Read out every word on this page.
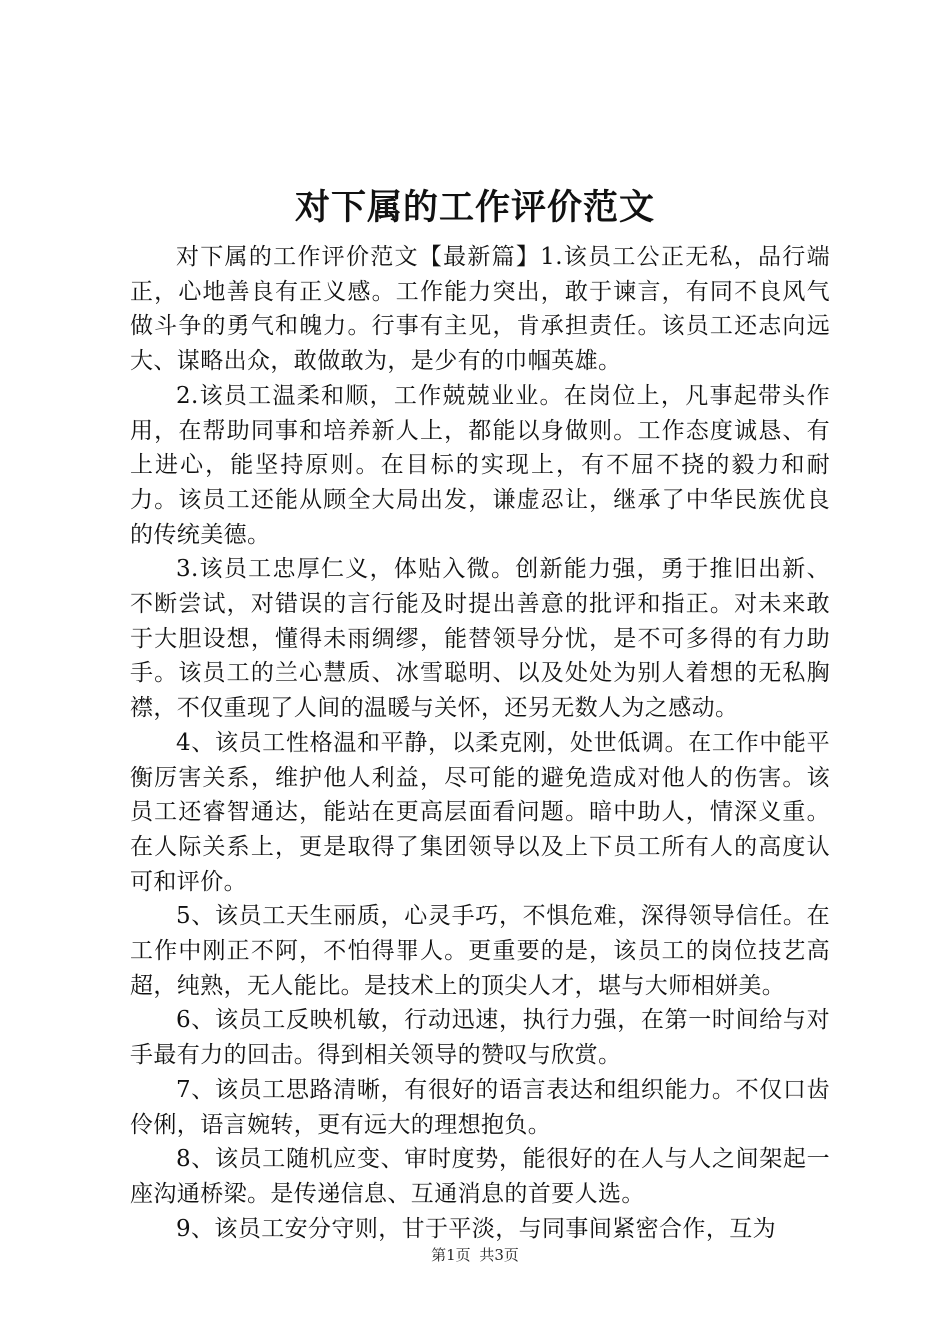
对下属的工作评价范文

对下属的工作评价范文【最新篇】1.该员工公正无私，品行端正，心地善良有正义感。工作能力突出，敢于谏言，有同不良风气做斗争的勇气和魄力。行事有主见，肯承担责任。该员工还志向远大、谋略出众，敢做敢为，是少有的巾帼英雄。

2.该员工温柔和顺，工作兢兢业业。在岗位上，凡事起带头作用，在帮助同事和培养新人上，都能以身做则。工作态度诚恳、有上进心，能坚持原则。在目标的实现上，有不屈不挠的毅力和耐力。该员工还能从顾全大局出发，谦虚忍让，继承了中华民族优良的传统美德。

3.该员工忠厚仁义，体贴入微。创新能力强，勇于推旧出新、不断尝试，对错误的言行能及时提出善意的批评和指正。对未来敢于大胆设想，懂得未雨绸缪，能替领导分忧，是不可多得的有力助手。该员工的兰心慧质、冰雪聪明、以及处处为别人着想的无私胸襟，不仅重现了人间的温暖与关怀，还另无数人为之感动。

4、该员工性格温和平静，以柔克刚，处世低调。在工作中能平衡厉害关系，维护他人利益，尽可能的避免造成对他人的伤害。该员工还睿智通达，能站在更高层面看问题。暗中助人，情深义重。在人际关系上，更是取得了集团领导以及上下员工所有人的高度认可和评价。

5、该员工天生丽质，心灵手巧，不惧危难，深得领导信任。在工作中刚正不阿，不怕得罪人。更重要的是，该员工的岗位技艺高超，纯熟，无人能比。是技术上的顶尖人才，堪与大师相姘美。

6、该员工反映机敏，行动迅速，执行力强，在第一时间给与对手最有力的回击。得到相关领导的赞叹与欣赏。

7、该员工思路清晰，有很好的语言表达和组织能力。不仅口齿伶俐，语言婉转，更有远大的理想抱负。

8、该员工随机应变、审时度势，能很好的在人与人之间架起一座沟通桥梁。是传递信息、互通消息的首要人选。

9、该员工安分守则，甘于平淡，与同事间紧密合作，互为

第1页 共3页
